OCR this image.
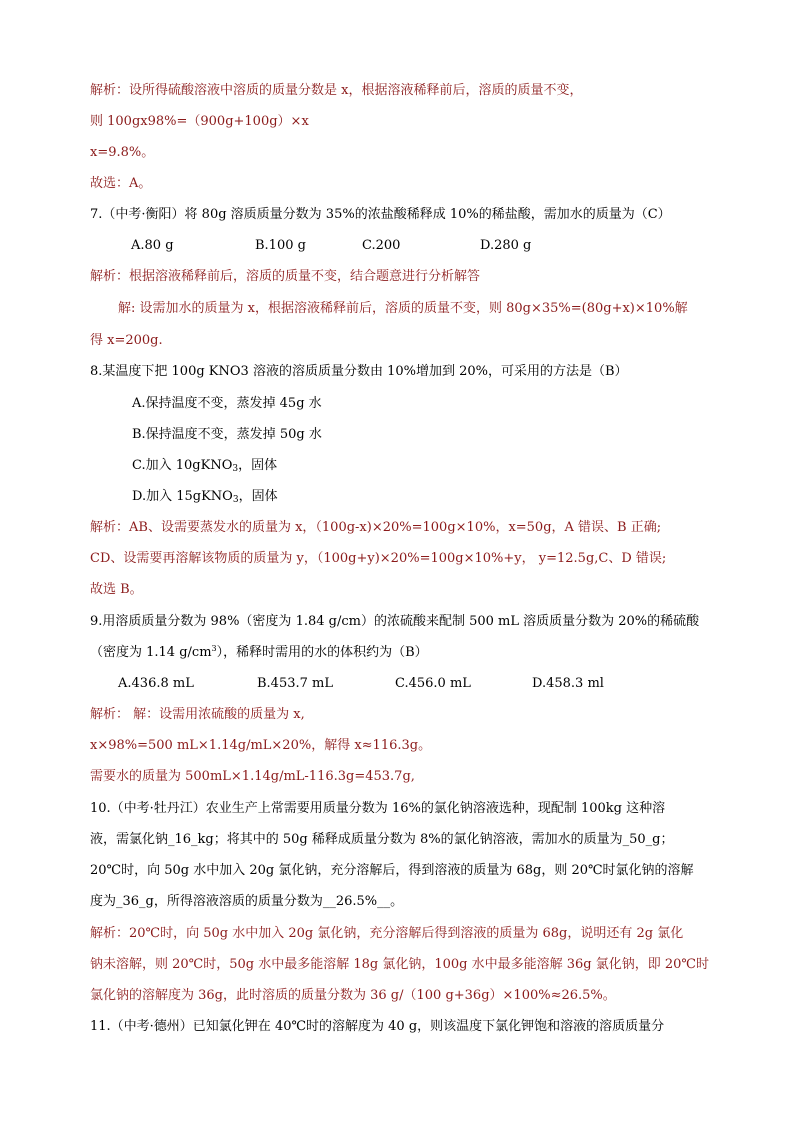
解析：设所得硫酸溶液中溶质的质量分数是 x，根据溶液稀释前后，溶质的质量不变，
则 100gx98%=（900g+100g）×x
x=9.8%。
故选：A。
7.（中考·衡阳）将 80g 溶质质量分数为 35%的浓盐酸稀释成 10%的稀盐酸，需加水的质量为（C）
A.80 g	B.100 g	C.200	D.280 g
解析：根据溶液稀释前后，溶质的质量不变，结合题意进行分析解答
解: 设需加水的质量为 x，根据溶液稀释前后，溶质的质量不变，则 80g×35%=(80g+x)×10%解
得 x=200g.
8.某温度下把 100g KNO3 溶液的溶质质量分数由 10%增加到 20%，可采用的方法是（B）
A.保持温度不变，蒸发掉 45g 水
B.保持温度不变，蒸发掉 50g 水
C.加入 10gKNO$_3$，固体
D.加入 15gKNO$_3$，固体
解析：AB、设需要蒸发水的质量为 x，（100g-x)×20%=100g×10%，x=50g，A 错误、B 正确;
CD、设需要再溶解该物质的质量为 y，（100g+y)×20%=100g×10%+y， y=12.5g,C、D 错误;
故选 B。
9.用溶质质量分数为 98%（密度为 1.84 g/cm）的浓硫酸来配制 500 mL 溶质质量分数为 20%的稀硫酸
（密度为 1.14 $g/cm^3$），稀释时需用的水的体积约为（B）
A.436.8 mL	B.453.7 mL	C.456.0 mL	D.458.3 ml
解析： 解：设需用浓硫酸的质量为 x,
x×98%=500 mL×1.14g/mL×20%，解得 x≈116.3g。
需要水的质量为 500mL×1.14g/mL-116.3g=453.7g,
10.（中考·牡丹江）农业生产上常需要用质量分数为 16%的氯化钠溶液选种，现配制 100kg 这种溶
液，需氯化钠_16_kg；将其中的 50g 稀释成质量分数为 8%的氯化钠溶液，需加水的质量为_50_g；
20℃时，向 50g 水中加入 20g 氯化钠，充分溶解后，得到溶液的质量为 68g，则 20℃时氯化钠的溶解
度为_36_g，所得溶液溶质的质量分数为__26.5%__。
解析：20℃时，向 50g 水中加入 20g 氯化钠，充分溶解后得到溶液的质量为 68g，说明还有 2g 氯化
钠未溶解，则 20℃时，50g 水中最多能溶解 18g 氯化钠，100g 水中最多能溶解 36g 氯化钠，即 20℃时
氯化钠的溶解度为 36g，此时溶质的质量分数为 36 g/（100 g+36g）×100%≈26.5%。
11.（中考·德州）已知氯化钾在 40℃时的溶解度为 40 g，则该温度下氯化钾饱和溶液的溶质质量分
